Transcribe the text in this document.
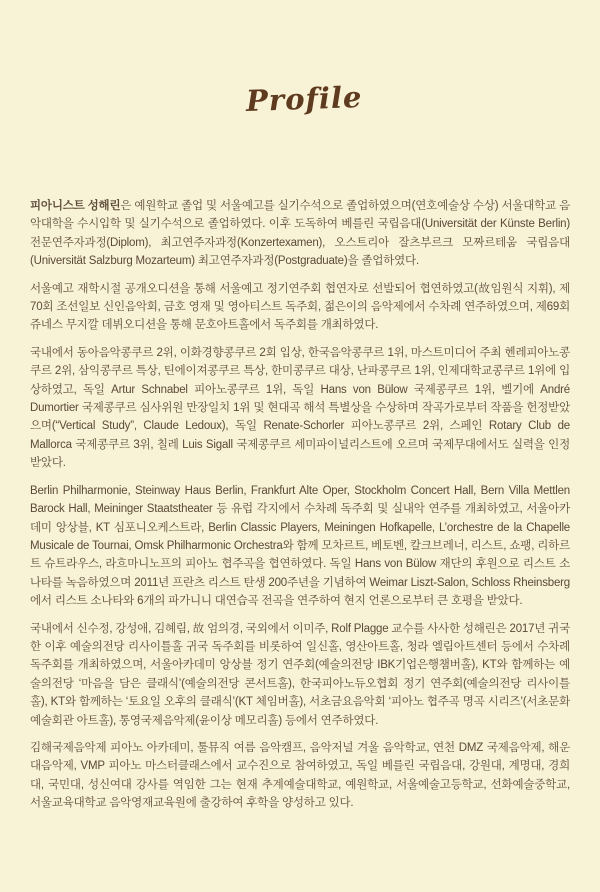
Profile

피아니스트 성해린은 예원학교 졸업 및 서울예고를 실기수석으로 졸업하였으며(연호예술상 수상) 서울대학교 음악대학을 수시입학 및 실기수석으로 졸업하였다. 이후 도독하여 베를린 국립음대(Universität der Künste Berlin) 전문연주자과정(Diplom), 최고연주자과정(Konzertexamen), 오스트리아 잘츠부르크 모짜르테움 국립음대(Universität Salzburg Mozarteum) 최고연주자과정(Postgraduate)을 졸업하였다.

서울예고 재학시절 공개오디션을 통해 서울예고 정기연주회 협연자로 선발되어 협연하였고(故임원식 지휘), 제70회 조선일보 신인음악회, 금호 영재 및 영아티스트 독주회, 젊은이의 음악제에서 수차례 연주하였으며, 제69회 쥬네스 무지깔 데뷔오디션을 통해 문호아트홀에서 독주회를 개최하였다.

국내에서 동아음악콩쿠르 2위, 이화경향콩쿠르 2회 입상, 한국음악콩쿠르 1위, 마스트미디어 주최 헨레피아노콩쿠르 2위, 삼익콩쿠르 특상, 틴에이져콩쿠르 특상, 한미콩쿠르 대상, 난파콩쿠르 1위, 인제대학교콩쿠르 1위에 입상하였고, 독일 Artur Schnabel 피아노콩쿠르 1위, 독일 Hans von Bülow 국제콩쿠르 1위, 벨기에 André Dumortier 국제콩쿠르 심사위원 만장일치 1위 및 현대곡 해석 특별상을 수상하며 작곡가로부터 작품을 헌정받았으며(“Vertical Study”, Claude Ledoux), 독일 Renate-Schorler 피아노콩쿠르 2위, 스페인 Rotary Club de Mallorca 국제콩쿠르 3위, 칠레 Luis Sigall 국제콩쿠르 세미파이널리스트에 오르며 국제무대에서도 실력을 인정받았다.

Berlin Philharmonie, Steinway Haus Berlin, Frankfurt Alte Oper, Stockholm Concert Hall, Bern Villa Mettlen Barock Hall, Meininger Staatstheater 등 유럽 각지에서 수차례 독주회 및 실내악 연주를 개최하였고, 서울아카데미 앙상블, KT 심포니오케스트라, Berlin Classic Players, Meiningen Hofkapelle, L’orchestre de la Chapelle Musicale de Tournai, Omsk Philharmonic Orchestra와 함께 모차르트, 베토벤, 칼크브레너, 리스트, 쇼팽, 리하르트 슈트라우스, 라흐마니노프의 피아노 협주곡을 협연하였다. 독일 Hans von Bülow 재단의 후원으로 리스트 소나타를 녹음하였으며 2011년 프란츠 리스트 탄생 200주년을 기념하여 Weimar Liszt-Salon, Schloss Rheinsberg에서 리스트 소나타와 6개의 파가니니 대연습곡 전곡을 연주하여 현지 언론으로부터 큰 호평을 받았다.

국내에서 신수정, 강성애, 김혜림, 故 엄의경, 국외에서 이미주, Rolf Plagge 교수를 사사한 성해린은 2017년 귀국한 이후 예술의전당 리사이틀홀 귀국 독주회를 비롯하여 일신홀, 영산아트홀, 청라 엘림아트센터 등에서 수차례 독주회를 개최하였으며, 서울아카데미 앙상블 정기 연주회(예술의전당 IBK기업은행챔버홀), KT와 함께하는 예술의전당 ‘마음을 담은 클래식’(예술의전당 콘서트홀), 한국피아노듀오협회 정기 연주회(예술의전당 리사이틀홀), KT와 함께하는 ‘토요일 오후의 클래식’(KT 체임버홀), 서초금요음악회 ‘피아노 협주곡 명곡 시리즈’(서초문화예술회관 아트홀), 통영국제음악제(윤이상 메모리홀) 등에서 연주하였다.

김해국제음악제 피아노 아카데미, 툴뮤직 여름 음악캠프, 음악저널 겨울 음악학교, 연천 DMZ 국제음악제, 해운대음악제, VMP 피아노 마스터클래스에서 교수진으로 참여하였고, 독일 베를린 국립음대, 강원대, 계명대, 경희대, 국민대, 성신여대 강사를 역임한 그는 현재 추계예술대학교, 예원학교, 서울예술고등학교, 선화예술중학교, 서울교육대학교 음악영재교육원에 출강하여 후학을 양성하고 있다.
